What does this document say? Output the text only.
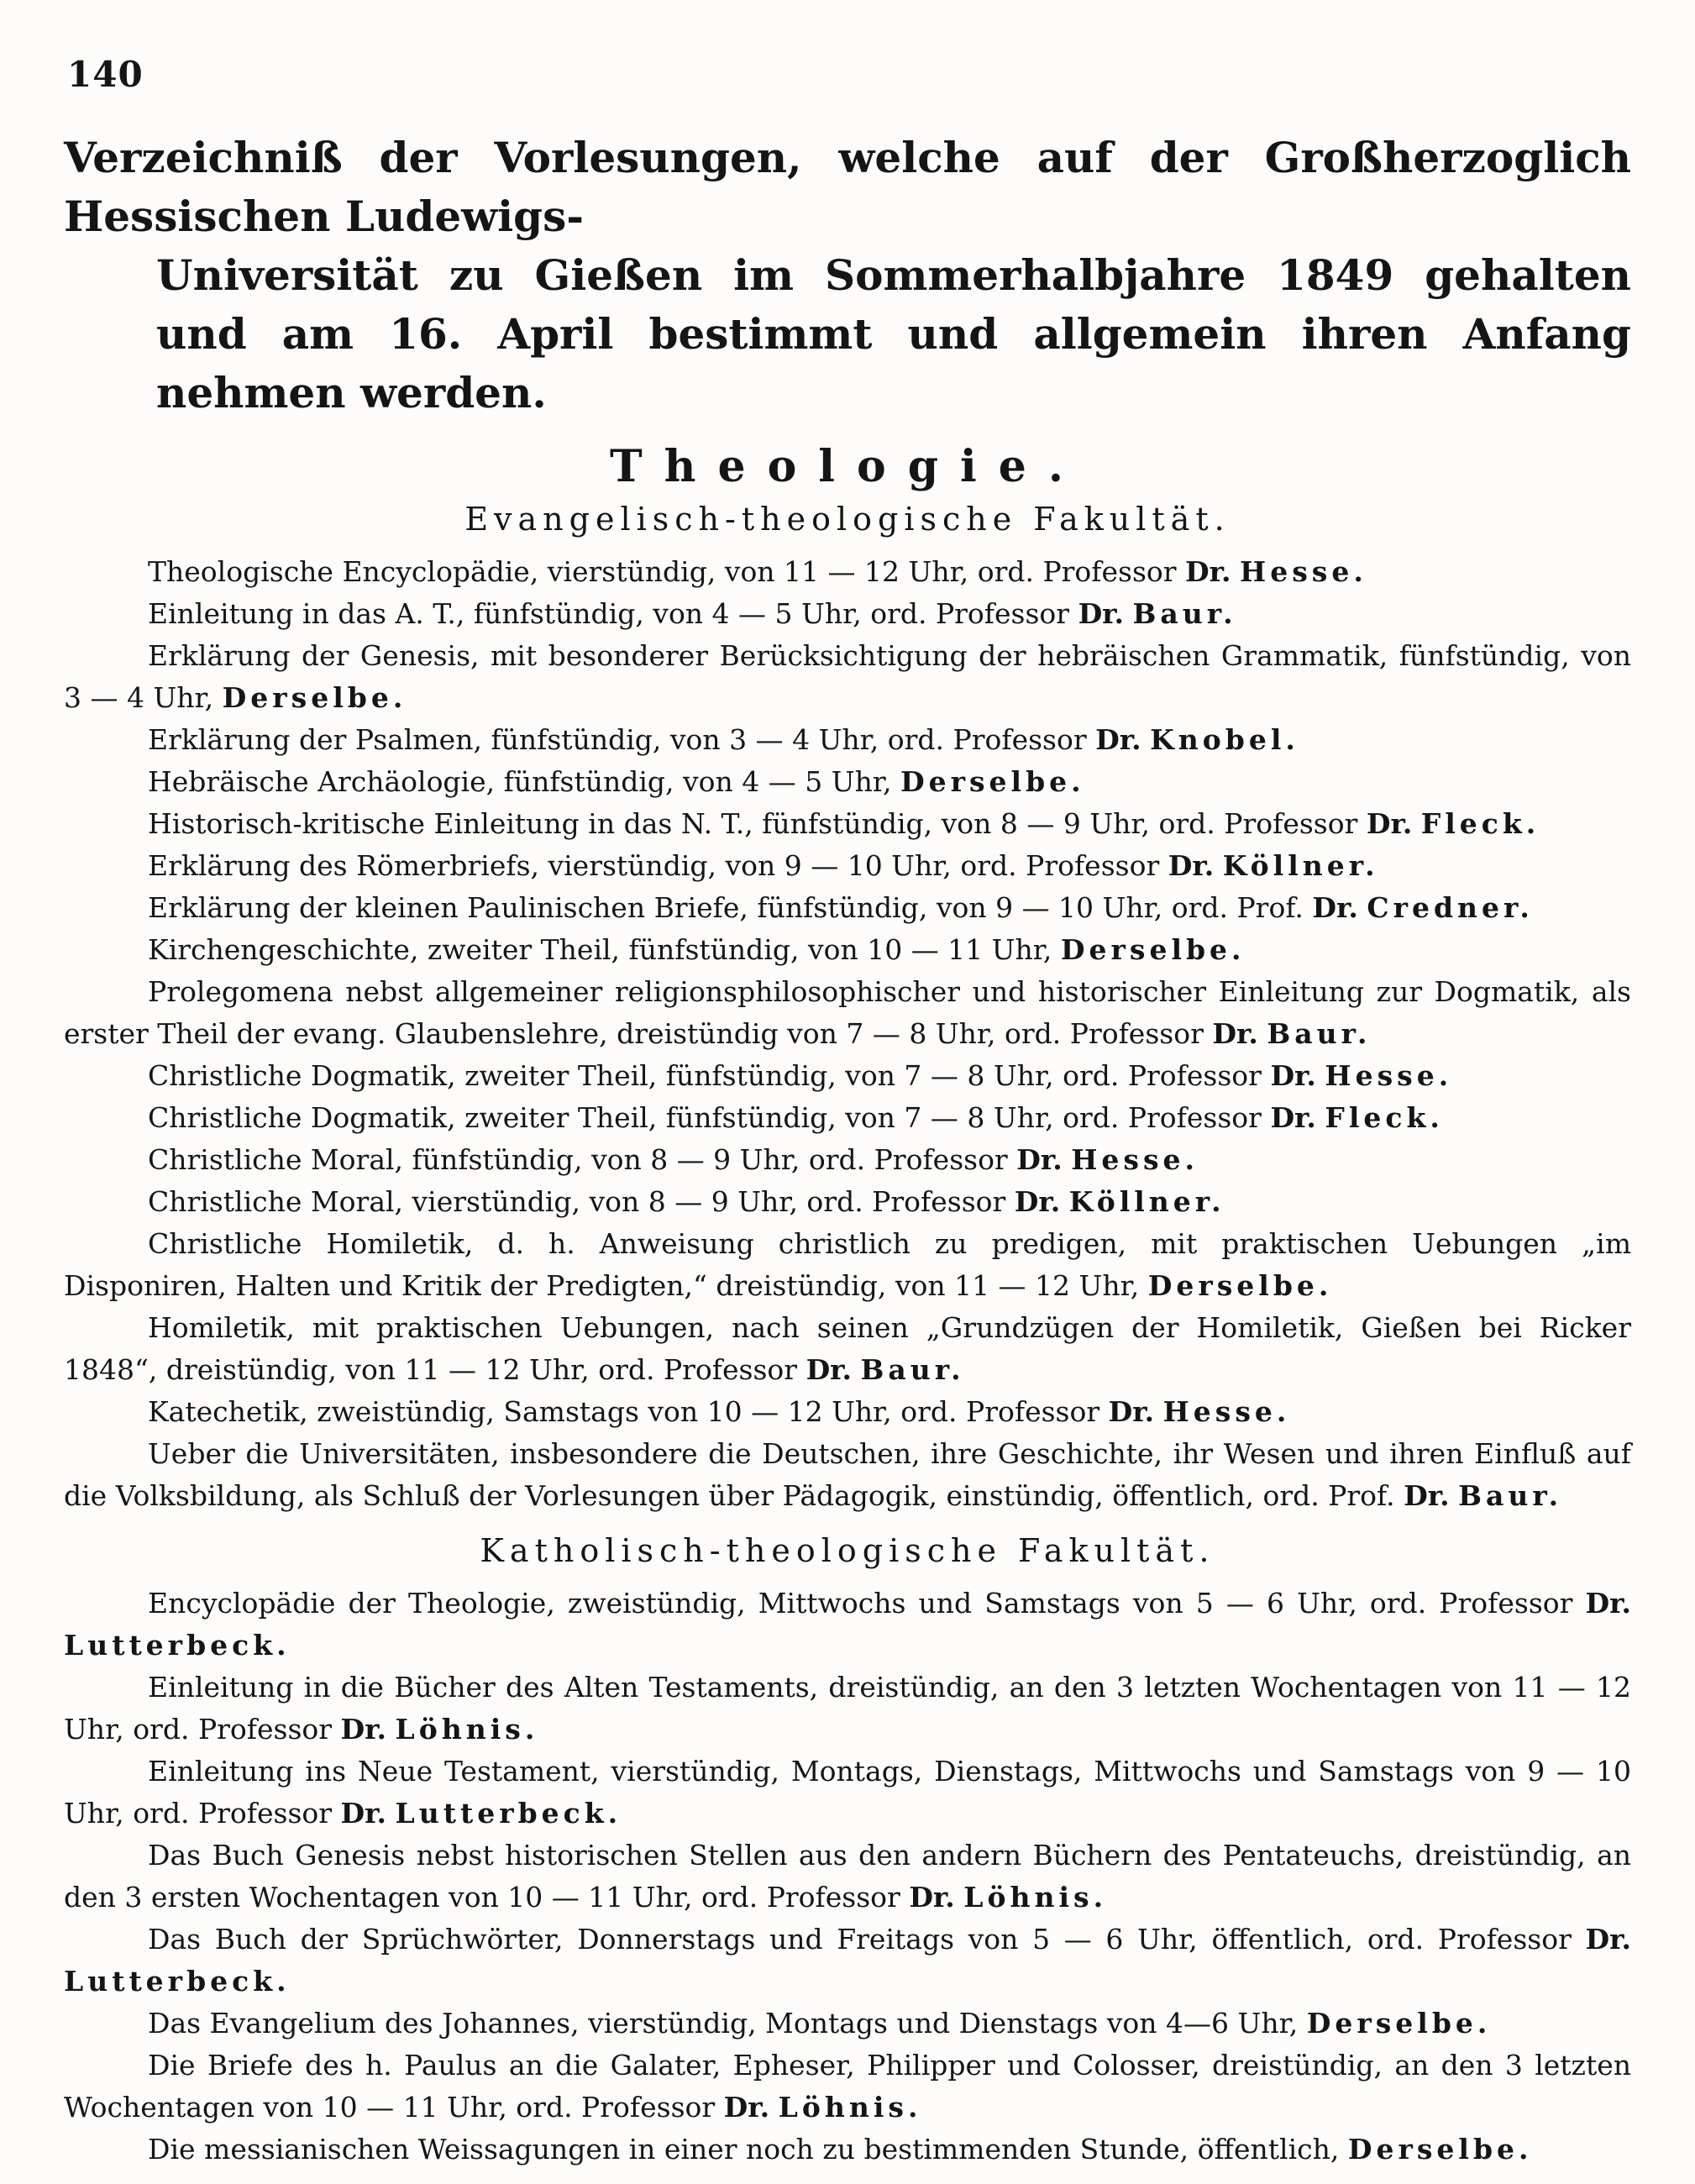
140
Verzeichniß der Vorlesungen, welche auf der Großherzoglich Hessischen Ludewigs-
Universität zu Gießen im Sommerhalbjahre 1849 gehalten und am 16. April bestimmt und allgemein ihren Anfang nehmen werden.
Theologie.
Evangelisch-theologische Fakultät.

Theologische Encyclopädie, vierstündig, von 11 — 12 Uhr, ord. Professor Dr. Hesse.

Einleitung in das A. T., fünfstündig, von 4 — 5 Uhr, ord. Professor Dr. Baur.

Erklärung der Genesis, mit besonderer Berücksichtigung der hebräischen Grammatik, fünfstündig, von 3 — 4 Uhr, Derselbe.

Erklärung der Psalmen, fünfstündig, von 3 — 4 Uhr, ord. Professor Dr. Knobel.

Hebräische Archäologie, fünfstündig, von 4 — 5 Uhr, Derselbe.

Historisch-kritische Einleitung in das N. T., fünfstündig, von 8 — 9 Uhr, ord. Professor Dr. Fleck.

Erklärung des Römerbriefs, vierstündig, von 9 — 10 Uhr, ord. Professor Dr. Köllner.

Erklärung der kleinen Paulinischen Briefe, fünfstündig, von 9 — 10 Uhr, ord. Prof. Dr. Credner.

Kirchengeschichte, zweiter Theil, fünfstündig, von 10 — 11 Uhr, Derselbe.

Prolegomena nebst allgemeiner religionsphilosophischer und historischer Einleitung zur Dogmatik, als erster Theil der evang. Glaubenslehre, dreistündig von 7 — 8 Uhr, ord. Professor Dr. Baur.

Christliche Dogmatik, zweiter Theil, fünfstündig, von 7 — 8 Uhr, ord. Professor Dr. Hesse.

Christliche Dogmatik, zweiter Theil, fünfstündig, von 7 — 8 Uhr, ord. Professor Dr. Fleck.

Christliche Moral, fünfstündig, von 8 — 9 Uhr, ord. Professor Dr. Hesse.

Christliche Moral, vierstündig, von 8 — 9 Uhr, ord. Professor Dr. Köllner.

Christliche Homiletik, d. h. Anweisung christlich zu predigen, mit praktischen Uebungen „im Disponiren, Halten und Kritik der Predigten,“ dreistündig, von 11 — 12 Uhr, Derselbe.

Homiletik, mit praktischen Uebungen, nach seinen „Grundzügen der Homiletik, Gießen bei Ricker 1848“, dreistündig, von 11 — 12 Uhr, ord. Professor Dr. Baur.

Katechetik, zweistündig, Samstags von 10 — 12 Uhr, ord. Professor Dr. Hesse.

Ueber die Universitäten, insbesondere die Deutschen, ihre Geschichte, ihr Wesen und ihren Einfluß auf die Volksbildung, als Schluß der Vorlesungen über Pädagogik, einstündig, öffentlich, ord. Prof. Dr. Baur.

Katholisch-theologische Fakultät.

Encyclopädie der Theologie, zweistündig, Mittwochs und Samstags von 5 — 6 Uhr, ord. Professor Dr. Lutterbeck.

Einleitung in die Bücher des Alten Testaments, dreistündig, an den 3 letzten Wochentagen von 11 — 12 Uhr, ord. Professor Dr. Löhnis.

Einleitung ins Neue Testament, vierstündig, Montags, Dienstags, Mittwochs und Samstags von 9 — 10 Uhr, ord. Professor Dr. Lutterbeck.

Das Buch Genesis nebst historischen Stellen aus den andern Büchern des Pentateuchs, dreistündig, an den 3 ersten Wochentagen von 10 — 11 Uhr, ord. Professor Dr. Löhnis.

Das Buch der Sprüchwörter, Donnerstags und Freitags von 5 — 6 Uhr, öffentlich, ord. Professor Dr. Lutterbeck.

Das Evangelium des Johannes, vierstündig, Montags und Dienstags von 4—6 Uhr, Derselbe.

Die Briefe des h. Paulus an die Galater, Epheser, Philipper und Colosser, dreistündig, an den 3 letzten Wochentagen von 10 — 11 Uhr, ord. Professor Dr. Löhnis.

Die messianischen Weissagungen in einer noch zu bestimmenden Stunde, öffentlich, Derselbe.
